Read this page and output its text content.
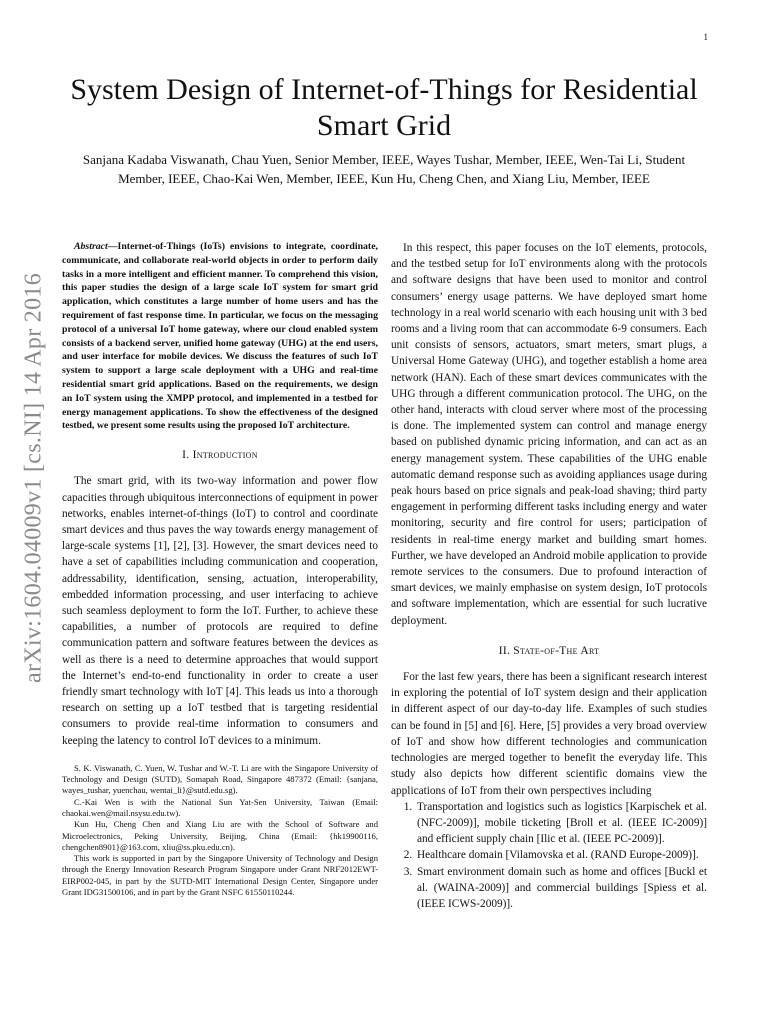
1
arXiv:1604.04009v1 [cs.NI] 14 Apr 2016
System Design of Internet-of-Things for Residential Smart Grid
Sanjana Kadaba Viswanath, Chau Yuen, Senior Member, IEEE, Wayes Tushar, Member, IEEE, Wen-Tai Li, Student Member, IEEE, Chao-Kai Wen, Member, IEEE, Kun Hu, Cheng Chen, and Xiang Liu, Member, IEEE
Abstract—Internet-of-Things (IoTs) envisions to integrate, coordinate, communicate, and collaborate real-world objects in order to perform daily tasks in a more intelligent and efficient manner. To comprehend this vision, this paper studies the design of a large scale IoT system for smart grid application, which constitutes a large number of home users and has the requirement of fast response time. In particular, we focus on the messaging protocol of a universal IoT home gateway, where our cloud enabled system consists of a backend server, unified home gateway (UHG) at the end users, and user interface for mobile devices. We discuss the features of such IoT system to support a large scale deployment with a UHG and real-time residential smart grid applications. Based on the requirements, we design an IoT system using the XMPP protocol, and implemented in a testbed for energy management applications. To show the effectiveness of the designed testbed, we present some results using the proposed IoT architecture.
I. Introduction

The smart grid, with its two-way information and power flow capacities through ubiquitous interconnections of equipment in power networks, enables internet-of-things (IoT) to control and coordinate smart devices and thus paves the way towards energy management of large-scale systems [1], [2], [3]. However, the smart devices need to have a set of capabilities including communication and cooperation, addressability, identification, sensing, actuation, interoperability, embedded information processing, and user interfacing to achieve such seamless deployment to form the IoT. Further, to achieve these capabilities, a number of protocols are required to define communication pattern and software features between the devices as well as there is a need to determine approaches that would support the Internet’s end-to-end functionality in order to create a user friendly smart technology with IoT [4]. This leads us into a thorough research on setting up a IoT testbed that is targeting residential consumers to provide real-time information to consumers and keeping the latency to control IoT devices to a minimum.

S. K. Viswanath, C. Yuen, W. Tushar and W.-T. Li are with the Singapore University of Technology and Design (SUTD), Somapah Road, Singapore 487372 (Email: {sanjana, wayes_tushar, yuenchau, wentai_li}@sutd.edu.sg).

C.-Kai Wen is with the National Sun Yat-Sen University, Taiwan (Email: chaokai.wen@mail.nsysu.edu.tw).

Kun Hu, Cheng Chen and Xiang Liu are with the School of Software and Microelectronics, Peking University, Beijing, China (Email: {hk19900116, chengchen8901}@163.com, xliu@ss.pku.edu.cn).

This work is supported in part by the Singapore University of Technology and Design through the Energy Innovation Research Program Singapore under Grant NRF2012EWT-EIRP002-045, in part by the SUTD-MIT International Design Center, Singapore under Grant IDG31500106, and in part by the Grant NSFC 61550110244.

In this respect, this paper focuses on the IoT elements, protocols, and the testbed setup for IoT environments along with the protocols and software designs that have been used to monitor and control consumers’ energy usage patterns. We have deployed smart home technology in a real world scenario with each housing unit with 3 bed rooms and a living room that can accommodate 6-9 consumers. Each unit consists of sensors, actuators, smart meters, smart plugs, a Universal Home Gateway (UHG), and together establish a home area network (HAN). Each of these smart devices communicates with the UHG through a different communication protocol. The UHG, on the other hand, interacts with cloud server where most of the processing is done. The implemented system can control and manage energy based on published dynamic pricing information, and can act as an energy management system. These capabilities of the UHG enable automatic demand response such as avoiding appliances usage during peak hours based on price signals and peak-load shaving; third party engagement in performing different tasks including energy and water monitoring, security and fire control for users; participation of residents in real-time energy market and building smart homes. Further, we have developed an Android mobile application to provide remote services to the consumers. Due to profound interaction of smart devices, we mainly emphasise on system design, IoT protocols and software implementation, which are essential for such lucrative deployment.

II. State-of-The Art

For the last few years, there has been a significant research interest in exploring the potential of IoT system design and their application in different aspect of our day-to-day life. Examples of such studies can be found in [5] and [6]. Here, [5] provides a very broad overview of IoT and show how different technologies and communication technologies are merged together to benefit the everyday life. This study also depicts how different scientific domains view the applications of IoT from their own perspectives including

1. Transportation and logistics such as logistics [Karpischek et al. (NFC-2009)], mobile ticketing [Broll et al. (IEEE IC-2009)] and efficient supply chain [Ilic et al. (IEEE PC-2009)].
2. Healthcare domain [Vilamovska et al. (RAND Europe-2009)].
3. Smart environment domain such as home and offices [Buckl et al. (WAINA-2009)] and commercial buildings [Spiess et al. (IEEE ICWS-2009)].
